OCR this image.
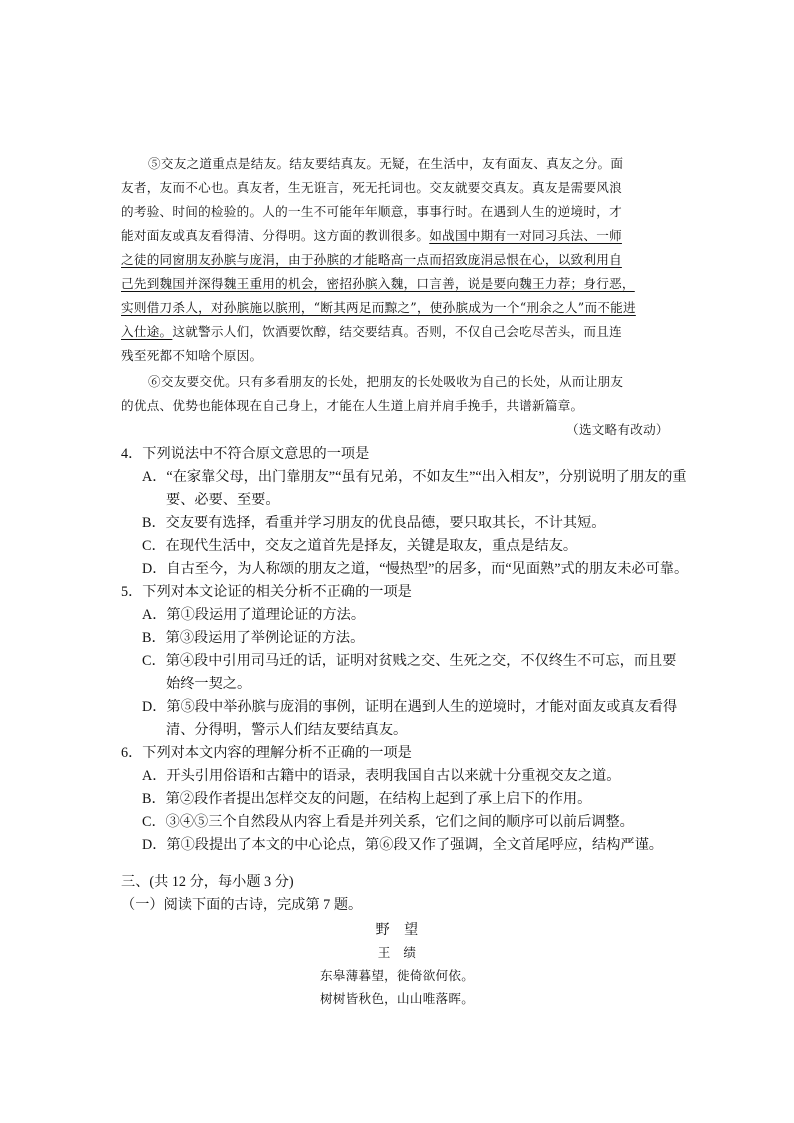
⑤交友之道重点是结友。结友要结真友。无疑，在生活中，友有面友、真友之分。面
友者，友而不心也。真友者，生无诳言，死无托词也。交友就要交真友。真友是需要风浪
的考验、时间的检验的。人的一生不可能年年顺意，事事行时。在遇到人生的逆境时，才
能对面友或真友看得清、分得明。这方面的教训很多。如战国中期有一对同习兵法、一师
之徒的同窗朋友孙膑与庞涓，由于孙膑的才能略高一点而招致庞涓忌恨在心，以致利用自
己先到魏国并深得魏王重用的机会，密招孙膑入魏，口言善，说是要向魏王力荐；身行恶，
实则借刀杀人，对孙膑施以膑刑，“断其两足而黥之”，使孙膑成为一个“刑余之人”而不能进
入仕途。这就警示人们，饮酒要饮醇，结交要结真。否则，不仅自己会吃尽苦头，而且连
残至死都不知啥个原因。
⑥交友要交优。只有多看朋友的长处，把朋友的长处吸收为自己的长处，从而让朋友
的优点、优势也能体现在自己身上，才能在人生道上肩并肩手挽手，共谱新篇章。
（选文略有改动）
4．下列说法中不符合原文意思的一项是
A．“在家靠父母，出门靠朋友”“虽有兄弟，不如友生”“出入相友”，分别说明了朋友的重
要、必要、至要。
B．交友要有选择，看重并学习朋友的优良品德，要只取其长，不计其短。
C．在现代生活中，交友之道首先是择友，关键是取友，重点是结友。
D．自古至今，为人称颂的朋友之道，“慢热型”的居多，而“见面熟”式的朋友未必可靠。
5．下列对本文论证的相关分析不正确的一项是
A．第①段运用了道理论证的方法。
B．第③段运用了举例论证的方法。
C．第④段中引用司马迁的话，证明对贫贱之交、生死之交，不仅终生不可忘，而且要
始终一契之。
D．第⑤段中举孙膑与庞涓的事例，证明在遇到人生的逆境时，才能对面友或真友看得
清、分得明，警示人们结友要结真友。
6．下列对本文内容的理解分析不正确的一项是
A．开头引用俗语和古籍中的语录，表明我国自古以来就十分重视交友之道。
B．第②段作者提出怎样交友的问题，在结构上起到了承上启下的作用。
C．③④⑤三个自然段从内容上看是并列关系，它们之间的顺序可以前后调整。
D．第①段提出了本文的中心论点，第⑥段又作了强调，全文首尾呼应，结构严谨。
三、(共 12 分，每小题 3 分)
（一）阅读下面的古诗，完成第 7 题。
野　望
王　绩
东皋薄暮望，徙倚欲何依。
树树皆秋色，山山唯落晖。
